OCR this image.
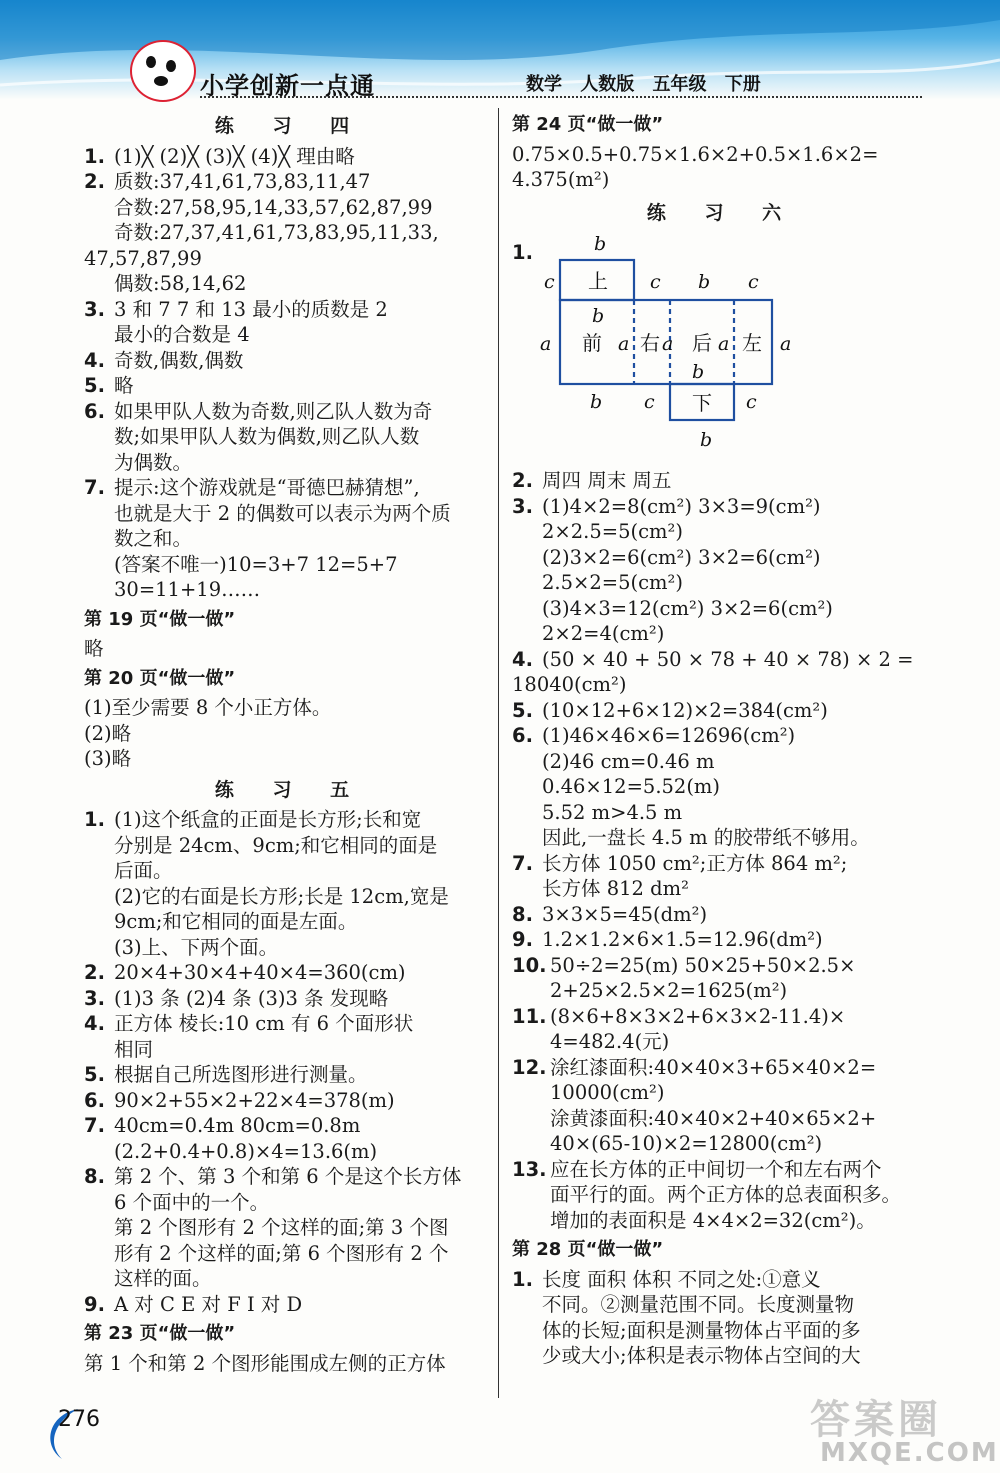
小学创新一点通	数学 人数版 五年级 下册
练 习 四
1. (1)╳ (2)╳ (3)╳ (4)╳ 理由略
2. 质数:37,41,61,73,83,11,47
合数:27,58,95,14,33,57,62,87,99
奇数:27,37,41,61,73,83,95,11,33,
47,57,87,99
偶数:58,14,62
3. 3 和 7 7 和 13 最小的质数是 2
最小的合数是 4
4. 奇数,偶数,偶数
5. 略
6. 如果甲队人数为奇数,则乙队人数为奇
数;如果甲队人数为偶数,则乙队人数
为偶数。
7. 提示:这个游戏就是“哥德巴赫猜想”,
也就是大于 2 的偶数可以表示为两个质
数之和。
(答案不唯一)10=3+7 12=5+7
30=11+19……
第 19 页“做一做”
略
第 20 页“做一做”
(1)至少需要 8 个小正方体。
(2)略
(3)略
练 习 五
1. (1)这个纸盒的正面是长方形;长和宽
分别是 24cm、9cm;和它相同的面是
后面。
(2)它的右面是长方形;长是 12cm,宽是
9cm;和它相同的面是左面。
(3)上、下两个面。
2. 20×4+30×4+40×4=360(cm)
3. (1)3 条 (2)4 条 (3)3 条 发现略
4. 正方体 棱长:10 cm 有 6 个面形状
相同
5. 根据自己所选图形进行测量。
6. 90×2+55×2+22×4=378(m)
7. 40cm=0.4m 80cm=0.8m
(2.2+0.4+0.8)×4=13.6(m)
8. 第 2 个、第 3 个和第 6 个是这个长方体
6 个面中的一个。
第 2 个图形有 2 个这样的面;第 3 个图
形有 2 个这样的面;第 6 个图形有 2 个
这样的面。
9. A 对 C E 对 F I 对 D
第 23 页“做一做”
第 1 个和第 2 个图形能围成左侧的正方体
第 24 页“做一做”
0.75×0.5+0.75×1.6×2+0.5×1.6×2=
4.375(m²)
练 习 六
1.	b
c	c b c
b
a	a a a	a
b
b c	c
b
上
前 右 后 左
下
2. 周四 周末 周五
3. (1)4×2=8(cm²) 3×3=9(cm²)
2×2.5=5(cm²)
(2)3×2=6(cm²) 3×2=6(cm²)
2.5×2=5(cm²)
(3)4×3=12(cm²) 3×2=6(cm²)
2×2=4(cm²)
4. (50 × 40 + 50 × 78 + 40 × 78) × 2 =
18040(cm²)
5. (10×12+6×12)×2=384(cm²)
6. (1)46×46×6=12696(cm²)
(2)46 cm=0.46 m
0.46×12=5.52(m)
5.52 m>4.5 m
因此,一盘长 4.5 m 的胶带纸不够用。
7. 长方体 1050 cm²;正方体 864 m²;
长方体 812 dm²
8. 3×3×5=45(dm²)
9. 1.2×1.2×6×1.5=12.96(dm²)
10. 50÷2=25(m) 50×25+50×2.5×
2+25×2.5×2=1625(m²)
11. (8×6+8×3×2+6×3×2-11.4)×
4=482.4(元)
12. 涂红漆面积:40×40×3+65×40×2=
10000(cm²)
涂黄漆面积:40×40×2+40×65×2+
40×(65-10)×2=12800(cm²)
13. 应在长方体的正中间切一个和左右两个
面平行的面。两个正方体的总表面积多。
增加的表面积是 4×4×2=32(cm²)。
第 28 页“做一做”
1. 长度 面积 体积 不同之处:①意义
不同。②测量范围不同。长度测量物
体的长短;面积是测量物体占平面的多
少或大小;体积是表示物体占空间的大
276	答案圈
MXQE.COM
